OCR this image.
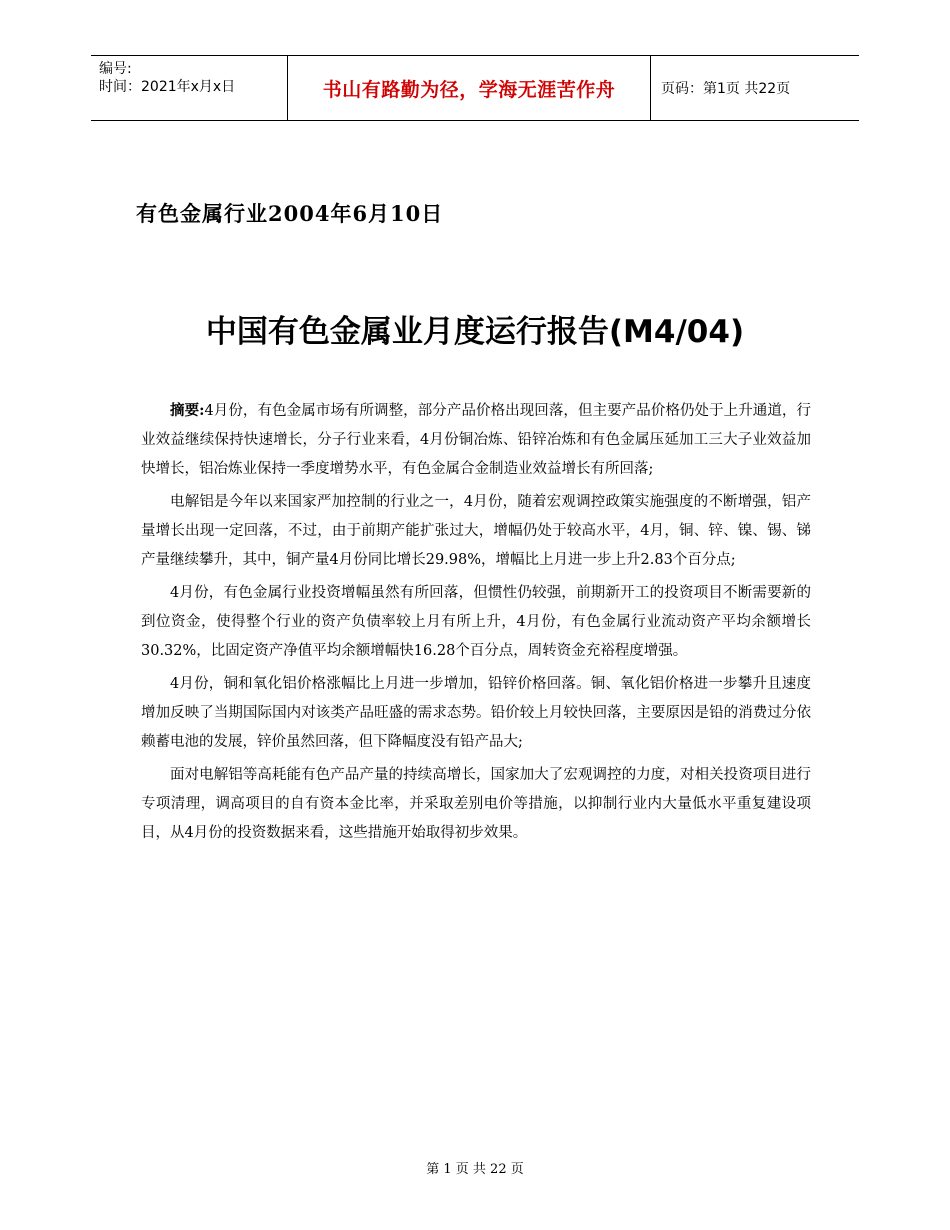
编号:
时间：2021年x月x日	书山有路勤为径，学海无涯苦作舟	页码：第1页 共22页
有色金属行业2004年6月10日
中国有色金属业月度运行报告(M4/04)

摘要:4月份，有色金属市场有所调整，部分产品价格出现回落，但主要产品价格仍处于上升通道，行业效益继续保持快速增长，分子行业来看，4月份铜冶炼、铅锌冶炼和有色金属压延加工三大子业效益加快增长，铝冶炼业保持一季度增势水平，有色金属合金制造业效益增长有所回落;

电解铝是今年以来国家严加控制的行业之一，4月份，随着宏观调控政策实施强度的不断增强，铝产量增长出现一定回落，不过，由于前期产能扩张过大，增幅仍处于较高水平，4月，铜、锌、镍、锡、锑产量继续攀升，其中，铜产量4月份同比增长29.98%，增幅比上月进一步上升2.83个百分点;

4月份，有色金属行业投资增幅虽然有所回落，但惯性仍较强，前期新开工的投资项目不断需要新的到位资金，使得整个行业的资产负债率较上月有所上升，4月份，有色金属行业流动资产平均余额增长30.32%，比固定资产净值平均余额增幅快16.28个百分点，周转资金充裕程度增强。

4月份，铜和氧化铝价格涨幅比上月进一步增加，铅锌价格回落。铜、氧化铝价格进一步攀升且速度增加反映了当期国际国内对该类产品旺盛的需求态势。铅价较上月较快回落，主要原因是铅的消费过分依赖蓄电池的发展，锌价虽然回落，但下降幅度没有铅产品大;

面对电解铝等高耗能有色产品产量的持续高增长，国家加大了宏观调控的力度，对相关投资项目进行专项清理，调高项目的自有资本金比率，并采取差别电价等措施，以抑制行业内大量低水平重复建设项目，从4月份的投资数据来看，这些措施开始取得初步效果。

第 1 页 共 22 页
